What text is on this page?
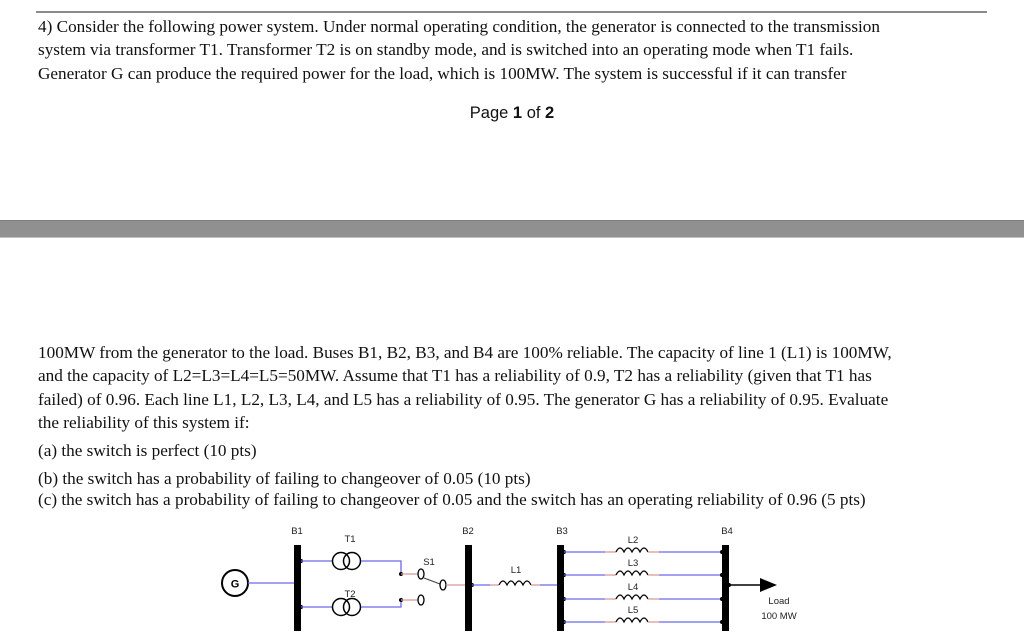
4) Consider the following power system. Under normal operating condition, the generator is connected to the transmission
system via transformer T1. Transformer T2 is on standby mode, and is switched into an operating mode when T1 fails.
Generator G can produce the required power for the load, which is 100MW. The system is successful if it can transfer
Page 1 of 2
100MW from the generator to the load. Buses B1, B2, B3, and B4 are 100% reliable. The capacity of line 1 (L1) is 100MW,
and the capacity of L2=L3=L4=L5=50MW. Assume that T1 has a reliability of 0.9, T2 has a reliability (given that T1 has
failed) of 0.96. Each line L1, L2, L3, L4, and L5 has a reliability of 0.95. The generator G has a reliability of 0.95. Evaluate
the reliability of this system if:
(a) the switch is perfect (10 pts)
(b) the switch has a probability of failing to changeover of 0.05 (10 pts)
(c) the switch has a probability of failing to changeover of 0.05 and the switch has an operating reliability of 0.96 (5 pts)
G
B1
T1
T2
S1
B2
L1
B3
L2
L3
L4
L5
B4
Load
100 MW
